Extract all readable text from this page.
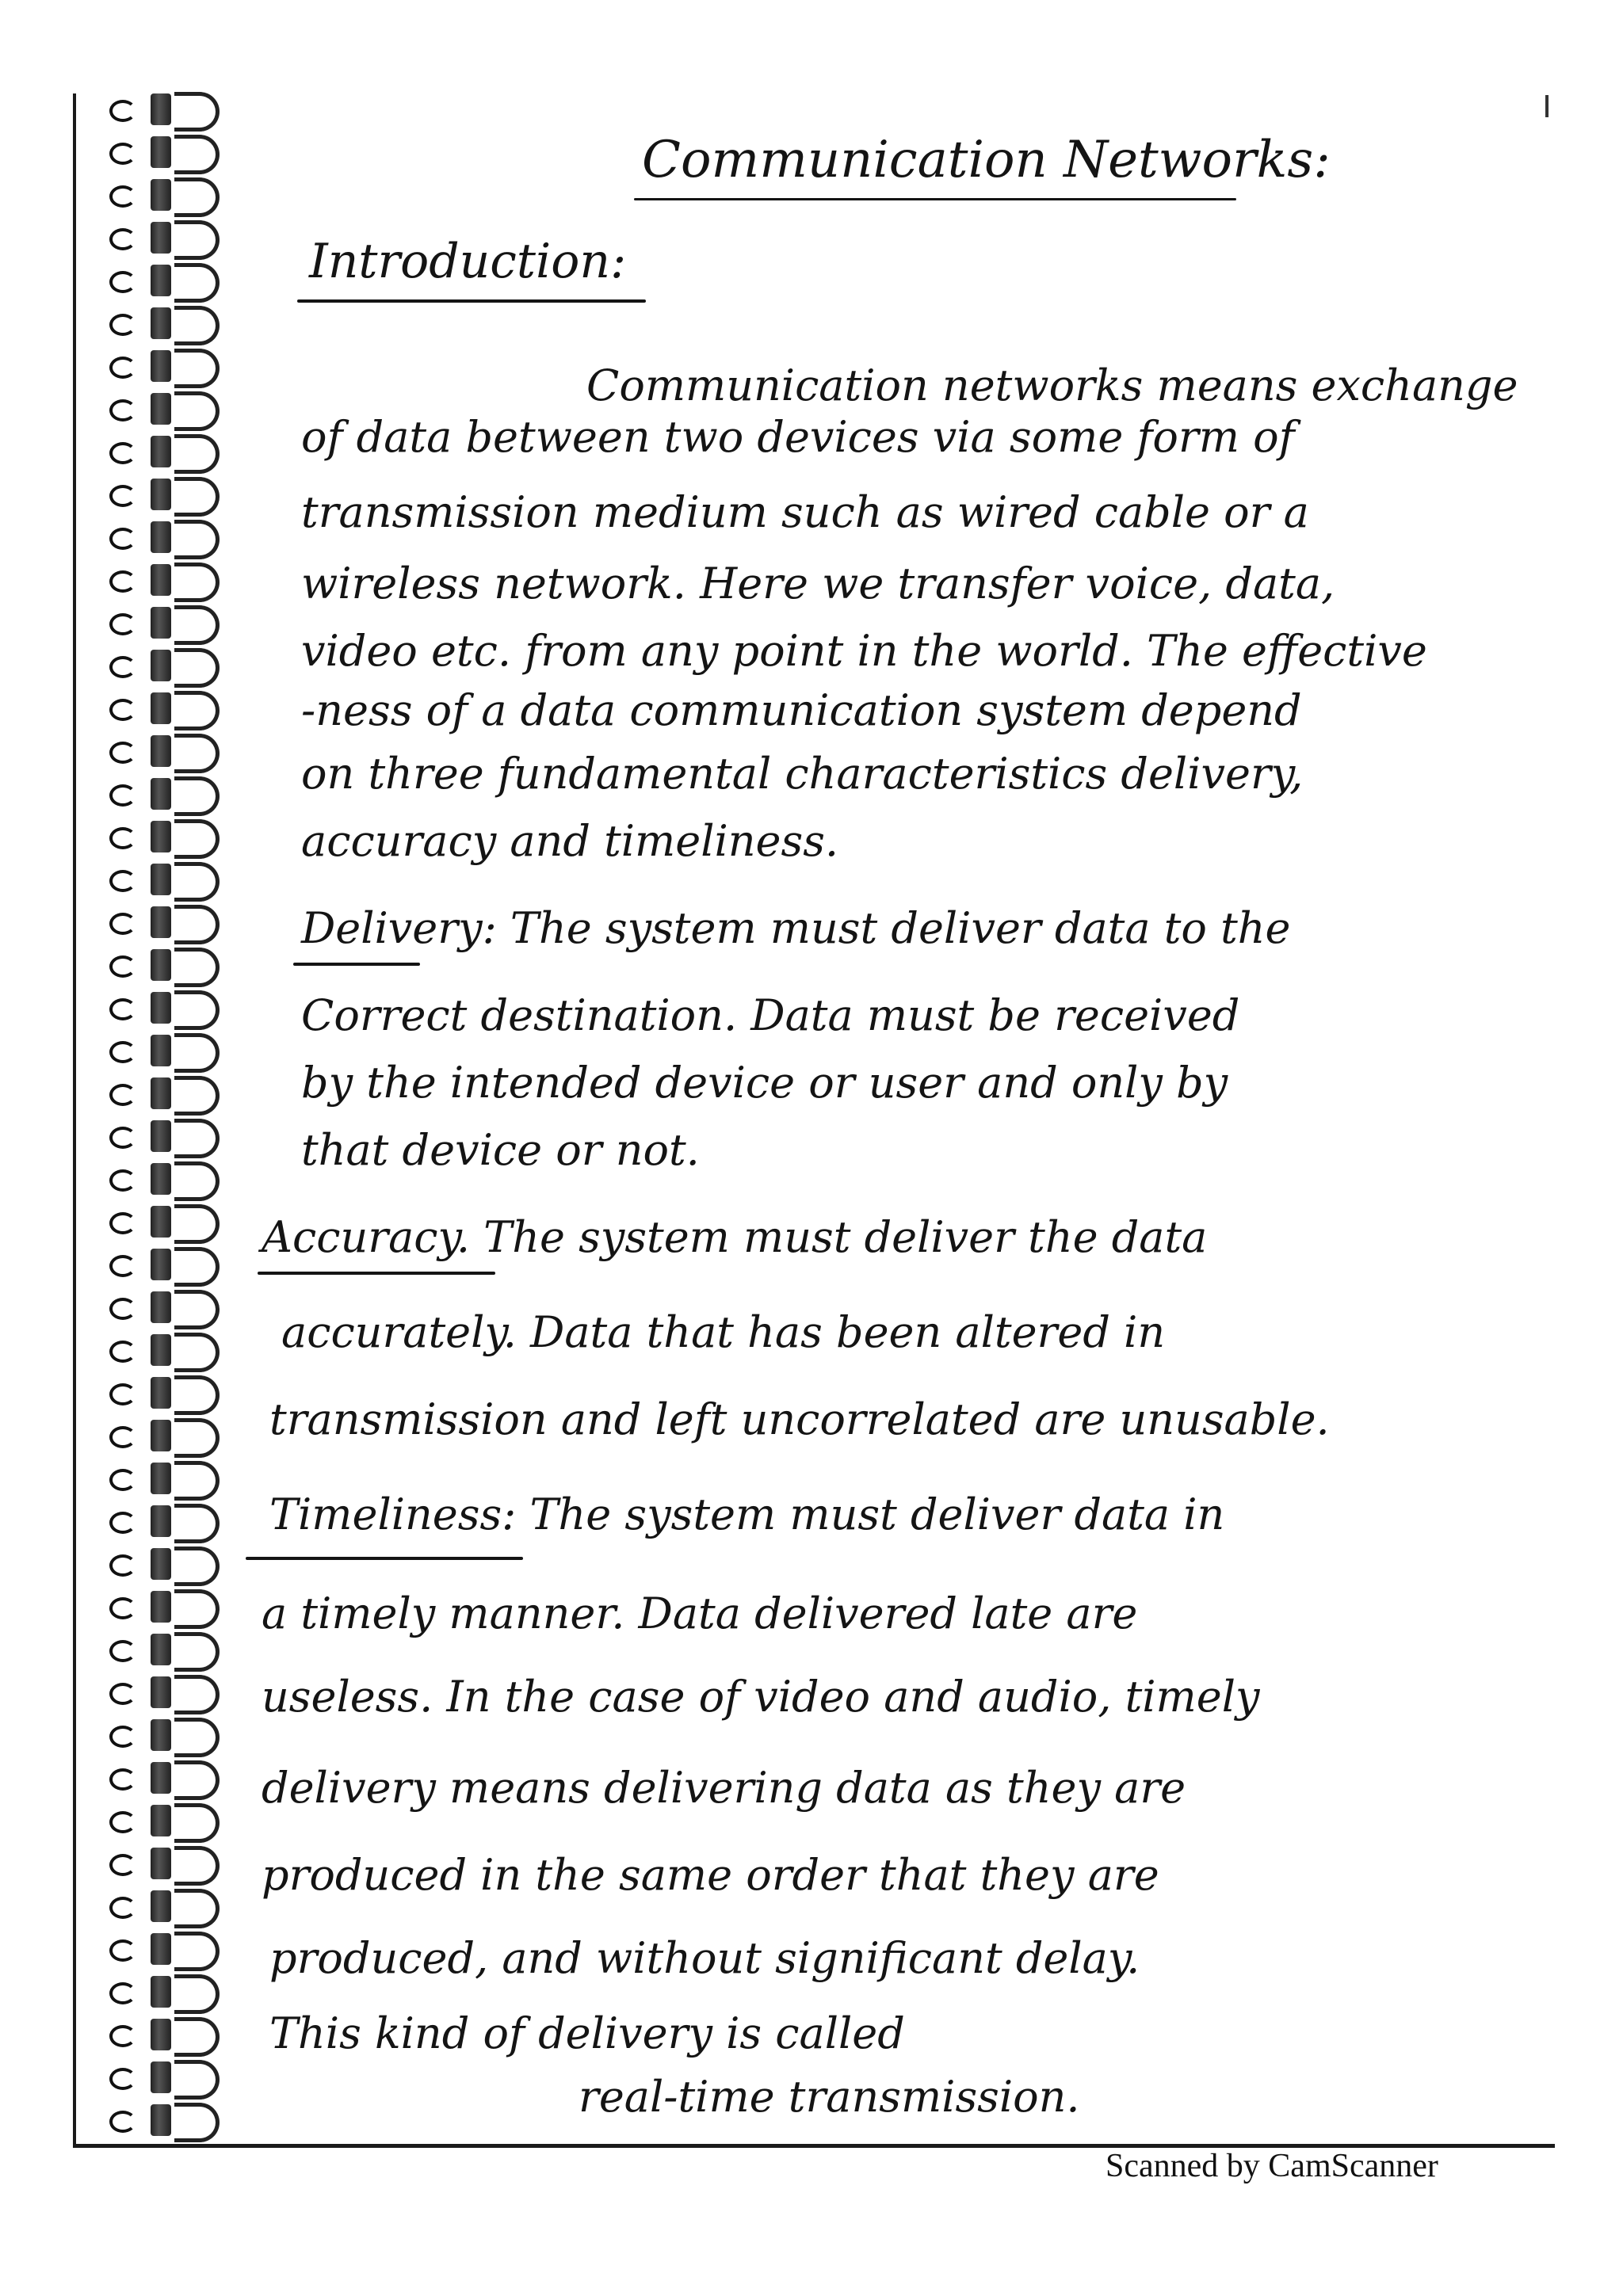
Communication Networks:
Introduction:
Communication networks means exchange
of data between two devices via some form of
transmission medium such as wired cable or a
wireless network. Here we transfer voice, data,
video etc. from any point in the world. The effective
-ness of a data communication system depend
on three fundamental characteristics delivery,
accuracy and timeliness.
Delivery: The system must deliver data to the
Correct destination. Data must be received
by the intended device or user and only by
that device or not.
Accuracy. The system must deliver the data
accurately. Data that has been altered in
transmission and left uncorrelated are unusable.
Timeliness: The system must deliver data in
a timely manner. Data delivered late are
useless. In the case of video and audio, timely
delivery means delivering data as they are
produced in the same order that they are
produced, and without significant delay.
This kind of delivery is called
real-time transmission.
Scanned by CamScanner
